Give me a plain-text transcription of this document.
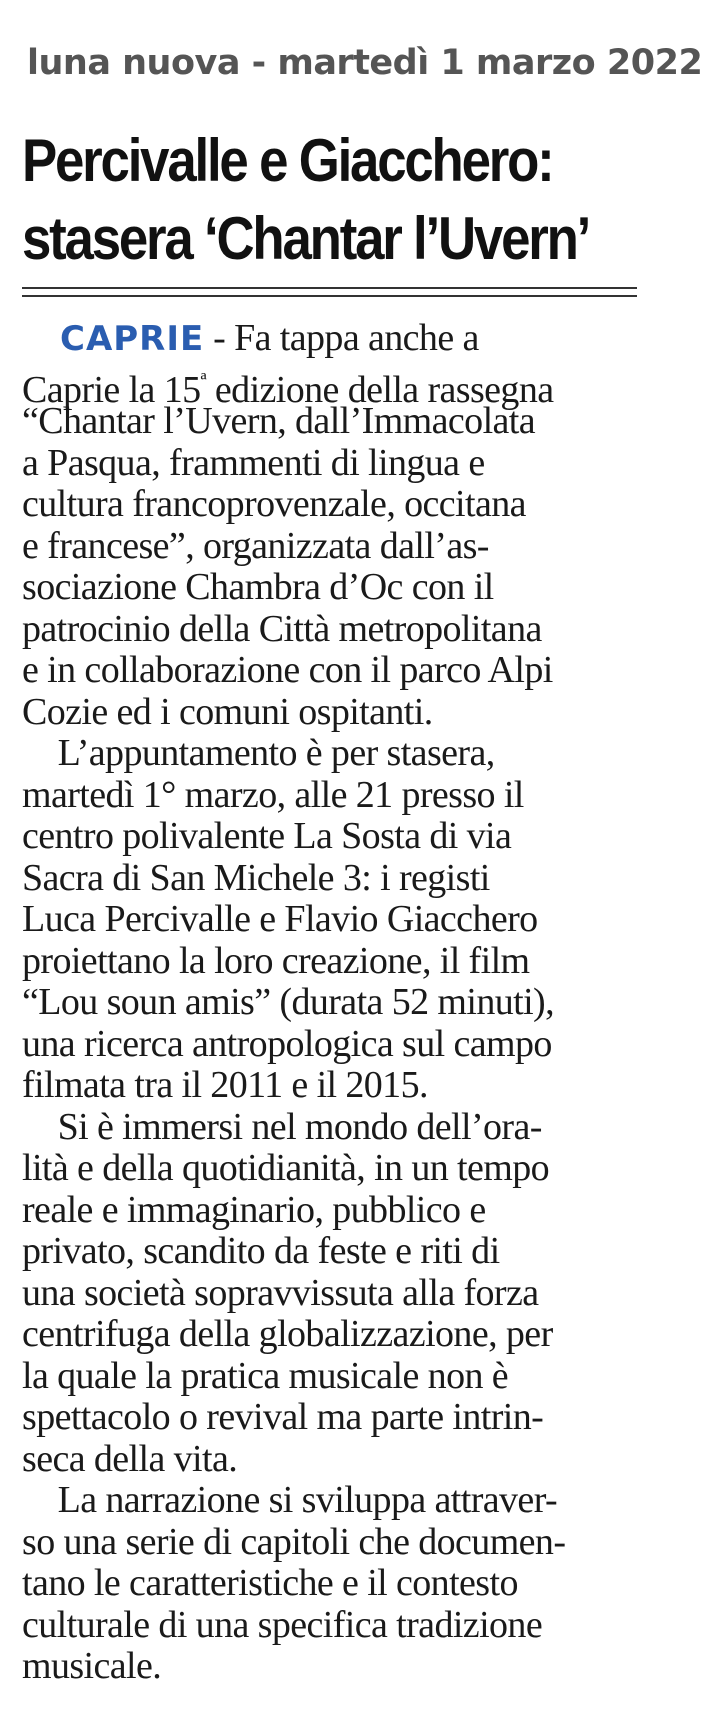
luna nuova - martedì 1 marzo 2022
Percivalle e Giacchero:
stasera ‘Chantar l’Uvern’
CAPRIE - Fa tappa anche a
Caprie la $15^ª$ edizione della rassegna
“Chantar l’Uvern, dall’Immacolata
a Pasqua, frammenti di lingua e
cultura francoprovenzale, occitana
e francese”, organizzata dall’as-
sociazione Chambra d’Oc con il
patrocinio della Città metropolitana
e in collaborazione con il parco Alpi
Cozie ed i comuni ospitanti.
L’appuntamento è per stasera,
martedì 1° marzo, alle 21 presso il
centro polivalente La Sosta di via
Sacra di San Michele 3: i registi
Luca Percivalle e Flavio Giacchero
proiettano la loro creazione, il film
“Lou soun amis” (durata 52 minuti),
una ricerca antropologica sul campo
filmata tra il 2011 e il 2015.
Si è immersi nel mondo dell’ora-
lità e della quotidianità, in un tempo
reale e immaginario, pubblico e
privato, scandito da feste e riti di
una società sopravvissuta alla forza
centrifuga della globalizzazione, per
la quale la pratica musicale non è
spettacolo o revival ma parte intrin-
seca della vita.
La narrazione si sviluppa attraver-
so una serie di capitoli che documen-
tano le caratteristiche e il contesto
culturale di una specifica tradizione
musicale.
